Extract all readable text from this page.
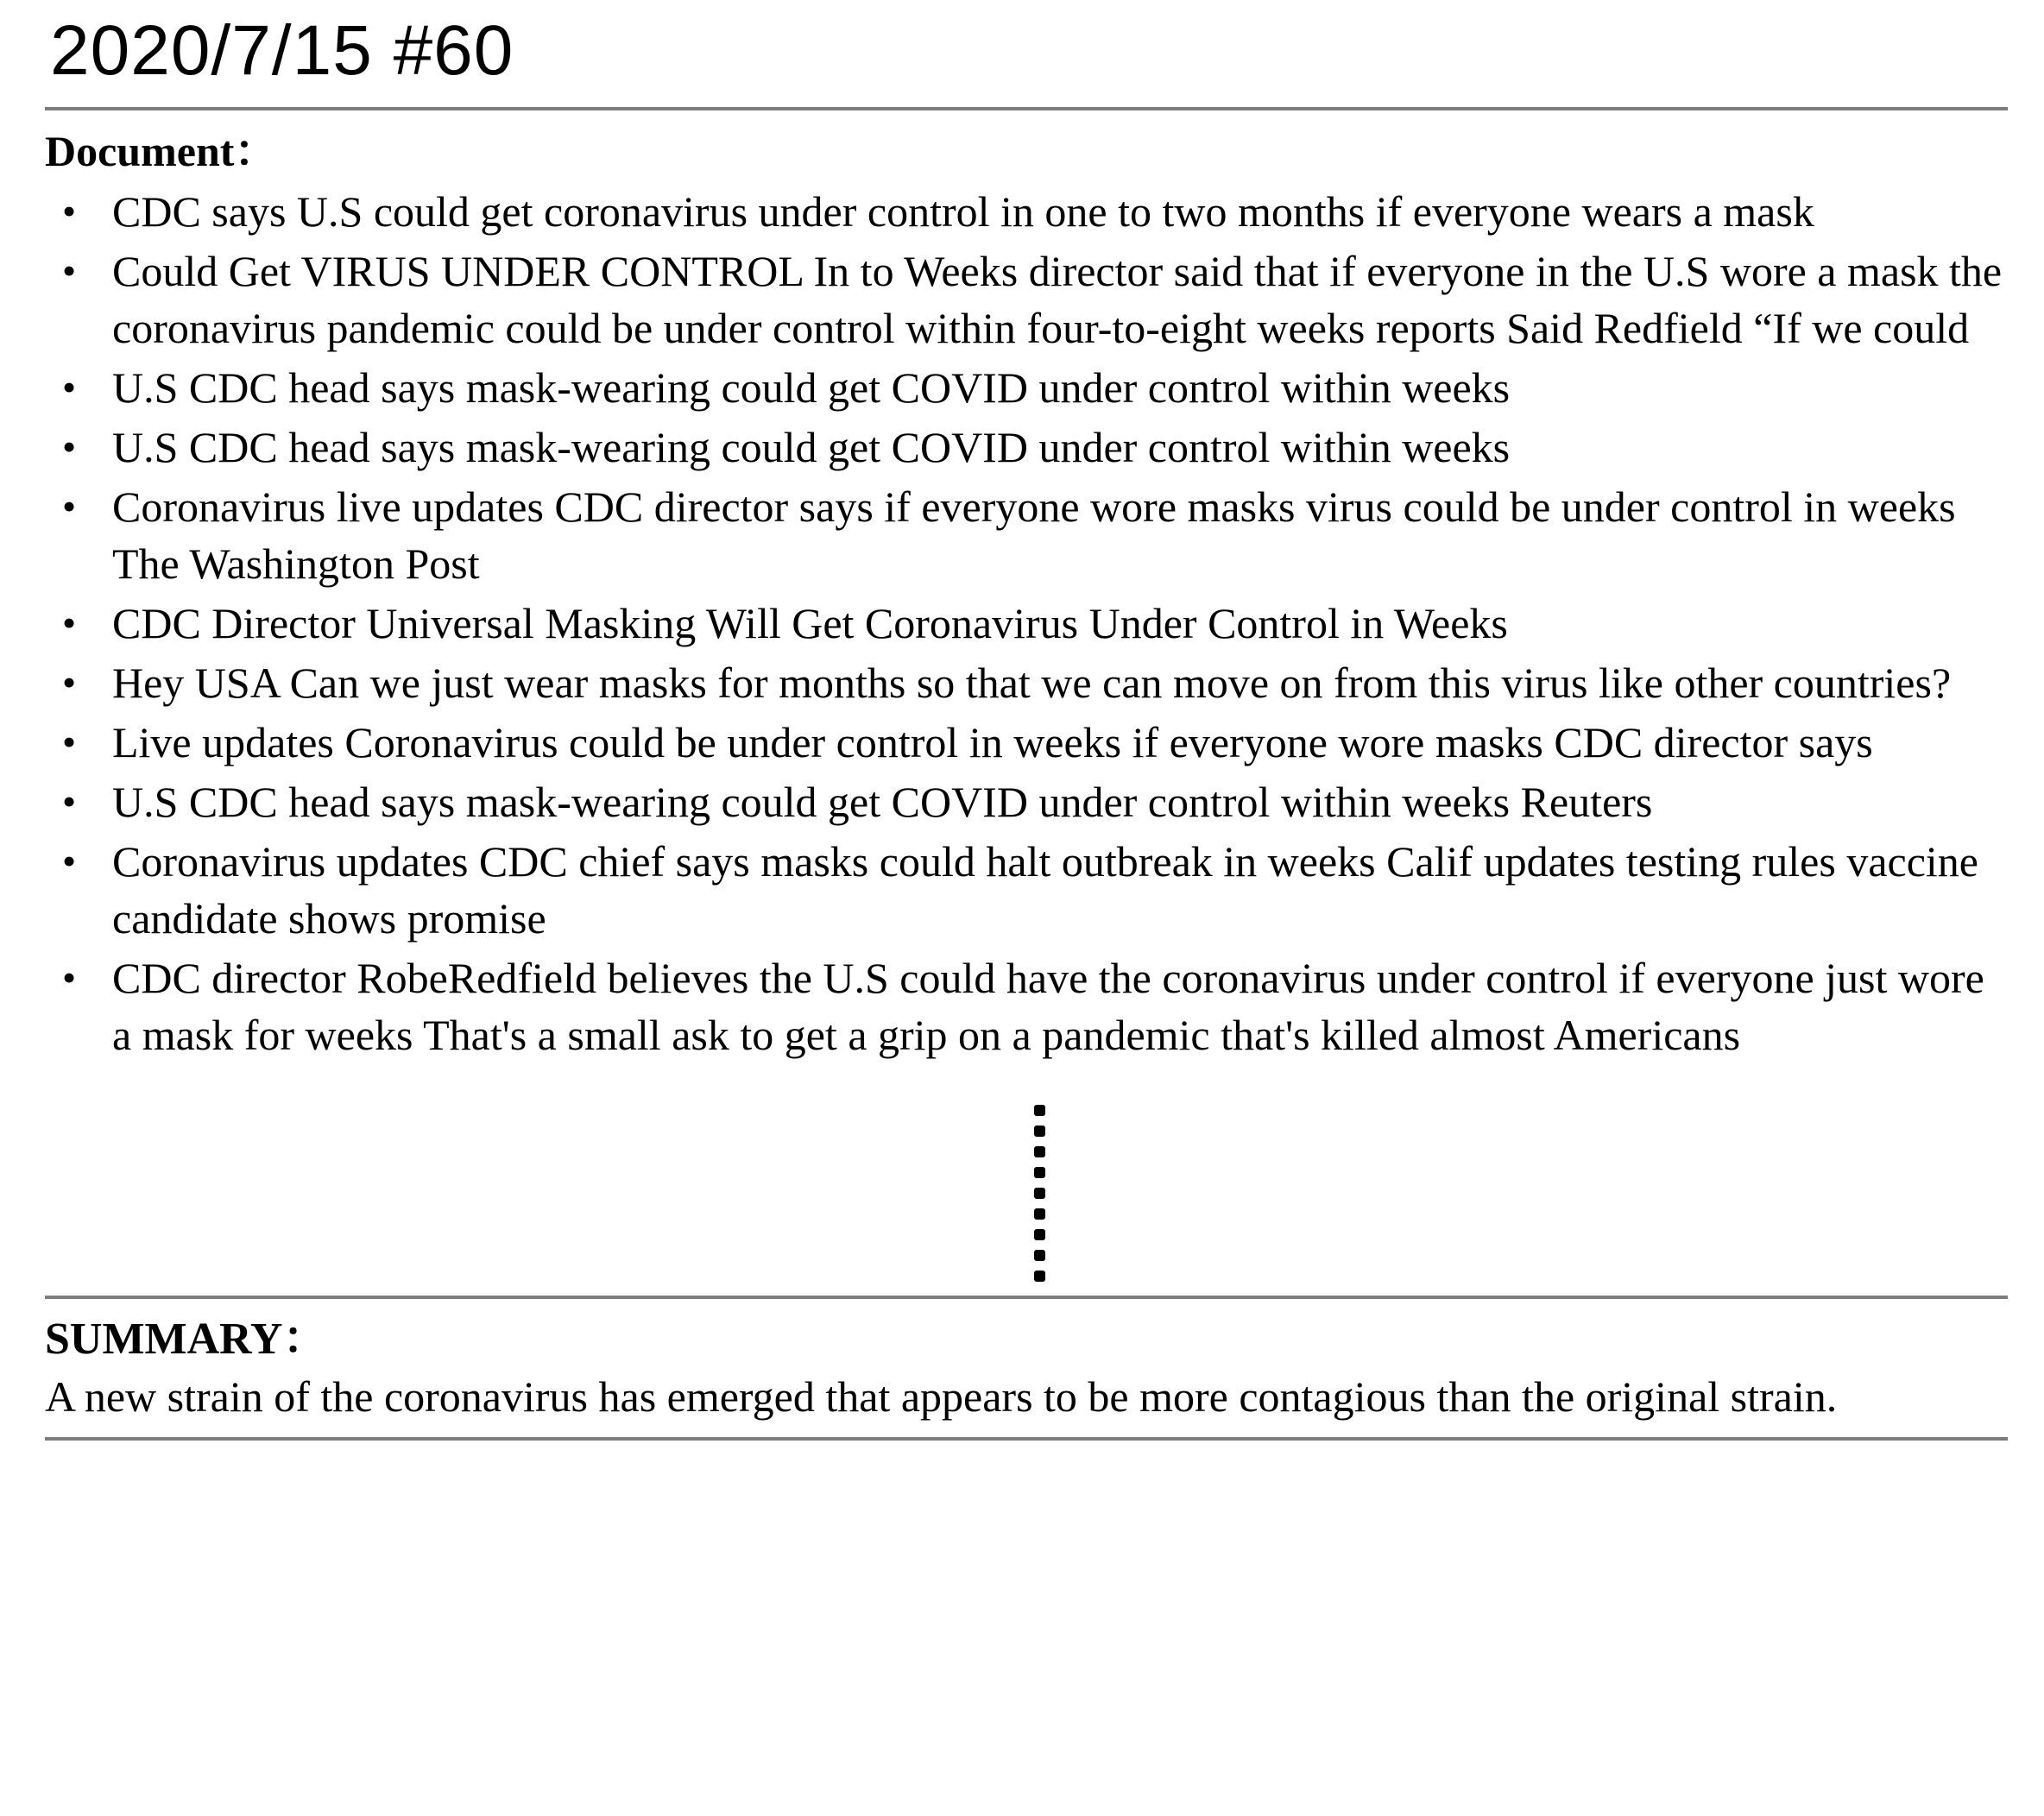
2020/7/15 #60
Document：
• CDC says U.S could get coronavirus under control in one to two months if everyone wears a mask
• Could Get VIRUS UNDER CONTROL In to Weeks director said that if everyone in the U.S wore a mask the coronavirus pandemic could be under control within four-to-eight weeks reports Said Redfield “If we could
• U.S CDC head says mask-wearing could get COVID under control within weeks
• U.S CDC head says mask-wearing could get COVID under control within weeks
• Coronavirus live updates CDC director says if everyone wore masks virus could be under control in weeks The Washington Post
• CDC Director Universal Masking Will Get Coronavirus Under Control in Weeks
• Hey USA Can we just wear masks for months so that we can move on from this virus like other countries?
• Live updates Coronavirus could be under control in weeks if everyone wore masks CDC director says
• U.S CDC head says mask-wearing could get COVID under control within weeks Reuters
• Coronavirus updates CDC chief says masks could halt outbreak in weeks Calif updates testing rules vaccine candidate shows promise
• CDC director RobeRedfield believes the U.S could have the coronavirus under control if everyone just wore a mask for weeks That's a small ask to get a grip on a pandemic that's killed almost Americans
SUMMARY：

A new strain of the coronavirus has emerged that appears to be more contagious than the original strain.
